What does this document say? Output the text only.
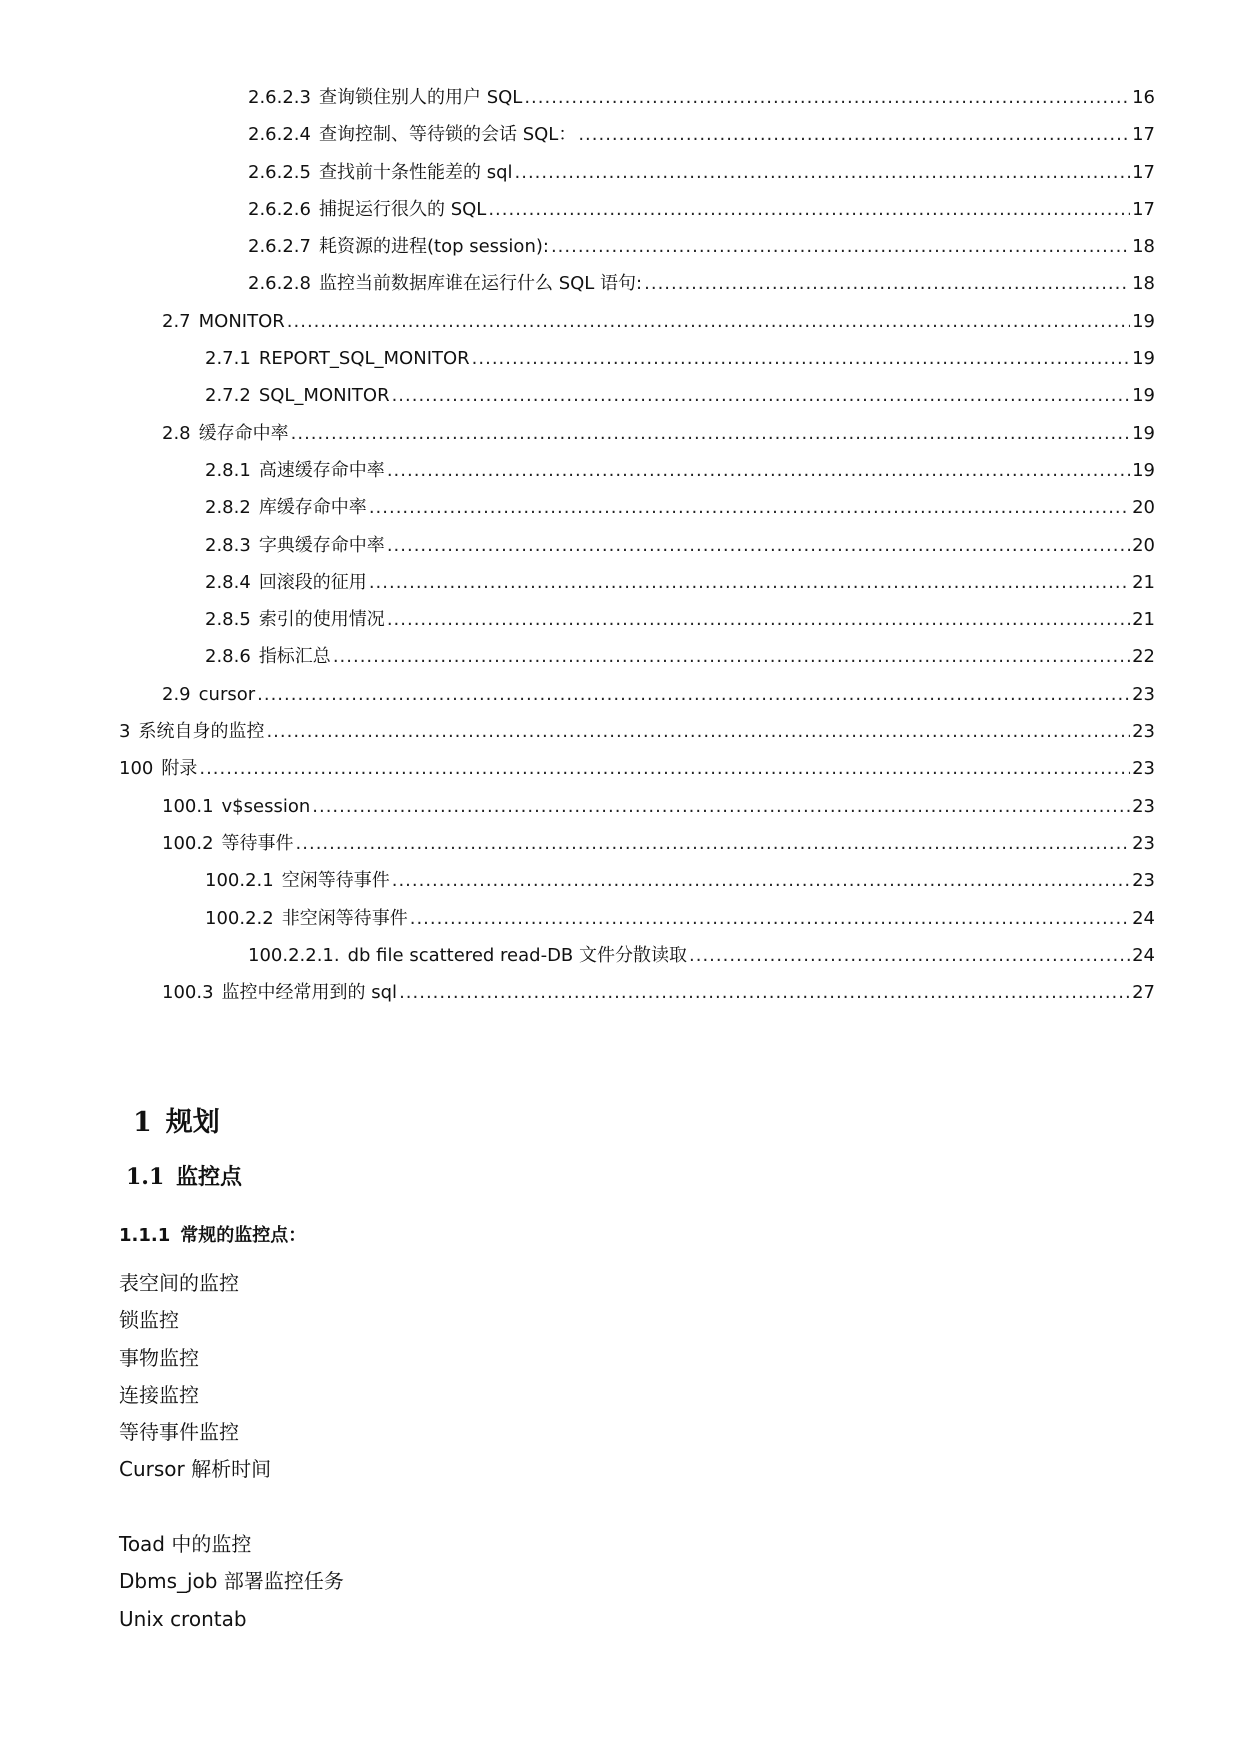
2.6.2.3 查询锁住别人的用户 SQL .....	16
2.6.2.4 查询控制、等待锁的会话 SQL： .....	17
2.6.2.5 查找前十条性能差的 sql .....	17
2.6.2.6 捕捉运行很久的 SQL .....	17
2.6.2.7 耗资源的进程(top session): .....	18
2.6.2.8 监控当前数据库谁在运行什么 SQL 语句: .....	18
2.7 MONITOR .....	19
2.7.1 REPORT_SQL_MONITOR .....	19
2.7.2 SQL_MONITOR .....	19
2.8 缓存命中率 .....	19
2.8.1 高速缓存命中率 .....	19
2.8.2 库缓存命中率 .....	20
2.8.3 字典缓存命中率 .....	20
2.8.4 回滚段的征用 .....	21
2.8.5 索引的使用情况 .....	21
2.8.6 指标汇总 .....	22
2.9 cursor .....	23
3 系统自身的监控 .....	23
100 附录 .....	23
100.1 v$session .....	23
100.2 等待事件 .....	23
100.2.1 空闲等待事件 .....	23
100.2.2 非空闲等待事件 .....	24
100.2.2.1. db file scattered read-DB 文件分散读取 .....	24
100.3 监控中经常用到的 sql .....	27
1 规划
1.1 监控点
1.1.1 常规的监控点：
表空间的监控
锁监控
事物监控
连接监控
等待事件监控
Cursor 解析时间
Toad 中的监控
Dbms_job 部署监控任务
Unix crontab
